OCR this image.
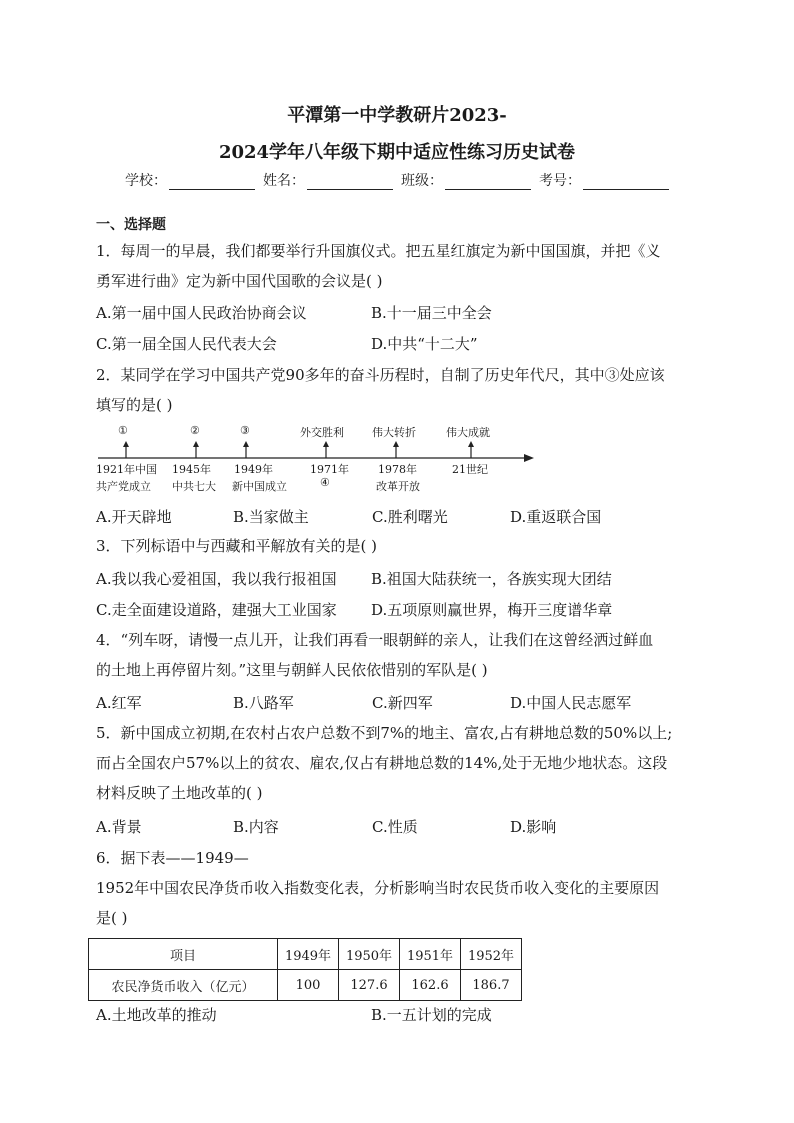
平潭第一中学教研片2023-
2024学年八年级下期中适应性练习历史试卷
学校：	姓名：	班级：	考号：
一、选择题
1．每周一的早晨，我们都要举行升国旗仪式。把五星红旗定为新中国国旗，并把《义
勇军进行曲》定为新中国代国歌的会议是( )
A.第一届中国人民政治协商会议	B.十一届三中全会
C.第一届全国人民代表大会	D.中共“十二大”
2．某同学在学习中国共产党90多年的奋斗历程时，自制了历史年代尺，其中③处应该
填写的是( )
①	②	③	外交胜利	伟大转折	伟大成就
1921年中国 1945年 1949年	1971年	1978年	21世纪
共产党成立 中共七大 新中国成立	④	改革开放
A.开天辟地	B.当家做主	C.胜利曙光	D.重返联合国
3．下列标语中与西藏和平解放有关的是( )
A.我以我心爱祖国，我以我行报祖国 B.祖国大陆获统一，各族实现大团结
C.走全面建设道路，建强大工业国家 D.五项原则赢世界，梅开三度谱华章
4．“列车呀，请慢一点儿开，让我们再看一眼朝鲜的亲人，让我们在这曾经洒过鲜血
的土地上再停留片刻。”这里与朝鲜人民依依惜别的军队是( )
A.红军	B.八路军	C.新四军	D.中国人民志愿军
5．新中国成立初期,在农村占农户总数不到7%的地主、富农,占有耕地总数的50%以上;
而占全国农户57%以上的贫农、雇农,仅占有耕地总数的14%,处于无地少地状态。这段
材料反映了土地改革的( )
A.背景	B.内容	C.性质	D.影响
6．据下表——1949—
1952年中国农民净货币收入指数变化表，分析影响当时农民货币收入变化的主要原因
是( )
项目	1949年	1950年	1951年	1952年
农民净货币收入（亿元）	100	127.6	162.6	186.7
A.土地改革的推动	B.一五计划的完成
